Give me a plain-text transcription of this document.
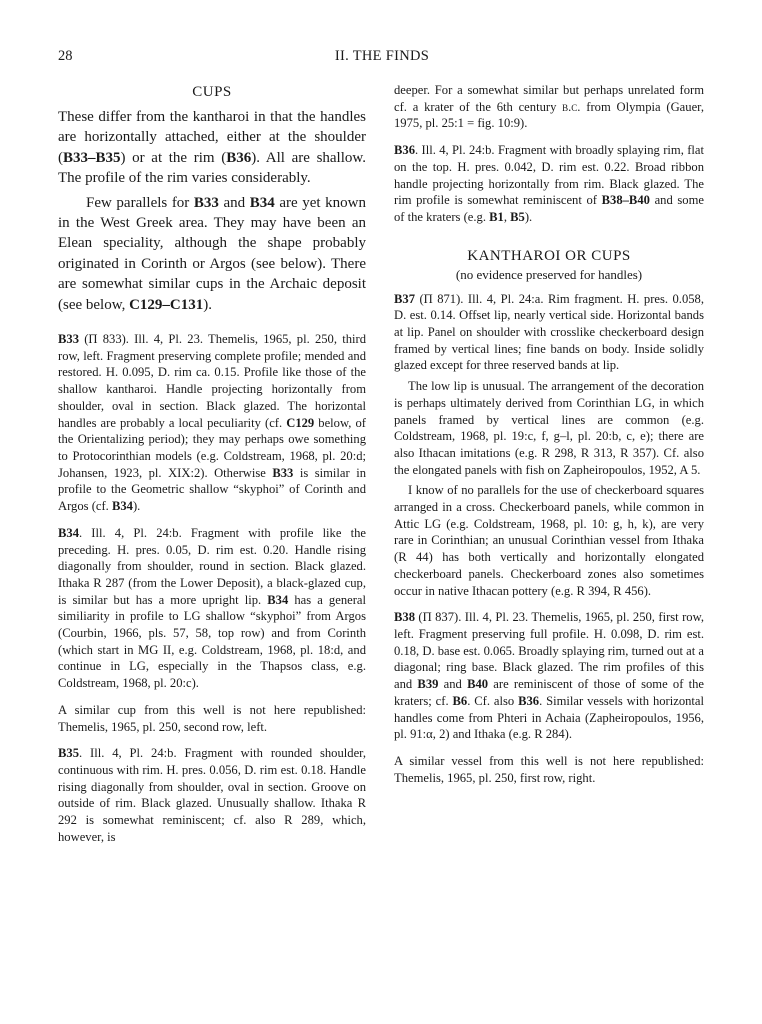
28	II. THE FINDS
CUPS

These differ from the kantharoi in that the handles are horizontally attached, either at the shoulder (B33–B35) or at the rim (B36). All are shallow. The profile of the rim varies considerably.

Few parallels for B33 and B34 are yet known in the West Greek area. They may have been an Elean speciality, although the shape probably originated in Corinth or Argos (see below). There are somewhat similar cups in the Archaic deposit (see below, C129–C131).

B33 (Π 833). Ill. 4, Pl. 23. Themelis, 1965, pl. 250, third row, left. Fragment preserving complete profile; mended and restored. H. 0.095, D. rim ca. 0.15. Profile like those of the shallow kantharoi. Handle projecting horizontally from shoulder, oval in section. Black glazed. The horizontal handles are probably a local peculiarity (cf. C129 below, of the Orientalizing period); they may perhaps owe something to Protocorinthian models (e.g. Coldstream, 1968, pl. 20:d; Johansen, 1923, pl. XIX:2). Otherwise B33 is similar in profile to the Geometric shallow “skyphoi” of Corinth and Argos (cf. B34).

B34. Ill. 4, Pl. 24:b. Fragment with profile like the preceding. H. pres. 0.05, D. rim est. 0.20. Handle rising diagonally from shoulder, round in section. Black glazed. Ithaka R 287 (from the Lower Deposit), a black-glazed cup, is similar but has a more upright lip. B34 has a general similiarity in profile to LG shallow “skyphoi” from Argos (Courbin, 1966, pls. 57, 58, top row) and from Corinth (which start in MG II, e.g. Coldstream, 1968, pl. 18:d, and continue in LG, especially in the Thapsos class, e.g. Coldstream, 1968, pl. 20:c).

A similar cup from this well is not here republished: Themelis, 1965, pl. 250, second row, left.

B35. Ill. 4, Pl. 24:b. Fragment with rounded shoulder, continuous with rim. H. pres. 0.056, D. rim est. 0.18. Handle rising diagonally from shoulder, oval in section. Groove on outside of rim. Black glazed. Unusually shallow. Ithaka R 292 is somewhat reminiscent; cf. also R 289, which, however, is

deeper. For a somewhat similar but perhaps unrelated form cf. a krater of the 6th century b.c. from Olympia (Gauer, 1975, pl. 25:1 = fig. 10:9).

B36. Ill. 4, Pl. 24:b. Fragment with broadly splaying rim, flat on the top. H. pres. 0.042, D. rim est. 0.22. Broad ribbon handle projecting horizontally from rim. Black glazed. The rim profile is somewhat reminiscent of B38–B40 and some of the kraters (e.g. B1, B5).

KANTHAROI OR CUPS

(no evidence preserved for handles)

B37 (Π 871). Ill. 4, Pl. 24:a. Rim fragment. H. pres. 0.058, D. est. 0.14. Offset lip, nearly vertical side. Horizontal bands at lip. Panel on shoulder with crosslike checkerboard design framed by vertical lines; fine bands on body. Inside solidly glazed except for three reserved bands at lip.

The low lip is unusual. The arrangement of the decoration is perhaps ultimately derived from Corinthian LG, in which panels framed by vertical lines are common (e.g. Coldstream, 1968, pl. 19:c, f, g–l, pl. 20:b, c, e); there are also Ithacan imitations (e.g. R 298, R 313, R 357). Cf. also the elongated panels with fish on Zapheiropoulos, 1952, A 5.

I know of no parallels for the use of checkerboard squares arranged in a cross. Checkerboard panels, while common in Attic LG (e.g. Coldstream, 1968, pl. 10: g, h, k), are very rare in Corinthian; an unusual Corinthian vessel from Ithaka (R 44) has both vertically and horizontally elongated checkerboard panels. Checkerboard zones also sometimes occur in native Ithacan pottery (e.g. R 394, R 456).

B38 (Π 837). Ill. 4, Pl. 23. Themelis, 1965, pl. 250, first row, left. Fragment preserving full profile. H. 0.098, D. rim est. 0.18, D. base est. 0.065. Broadly splaying rim, turned out at a diagonal; ring base. Black glazed. The rim profiles of this and B39 and B40 are reminiscent of those of some of the kraters; cf. B6. Cf. also B36. Similar vessels with horizontal handles come from Phteri in Achaia (Zapheiropoulos, 1956, pl. 91:α, 2) and Ithaka (e.g. R 284).

A similar vessel from this well is not here republished: Themelis, 1965, pl. 250, first row, right.
